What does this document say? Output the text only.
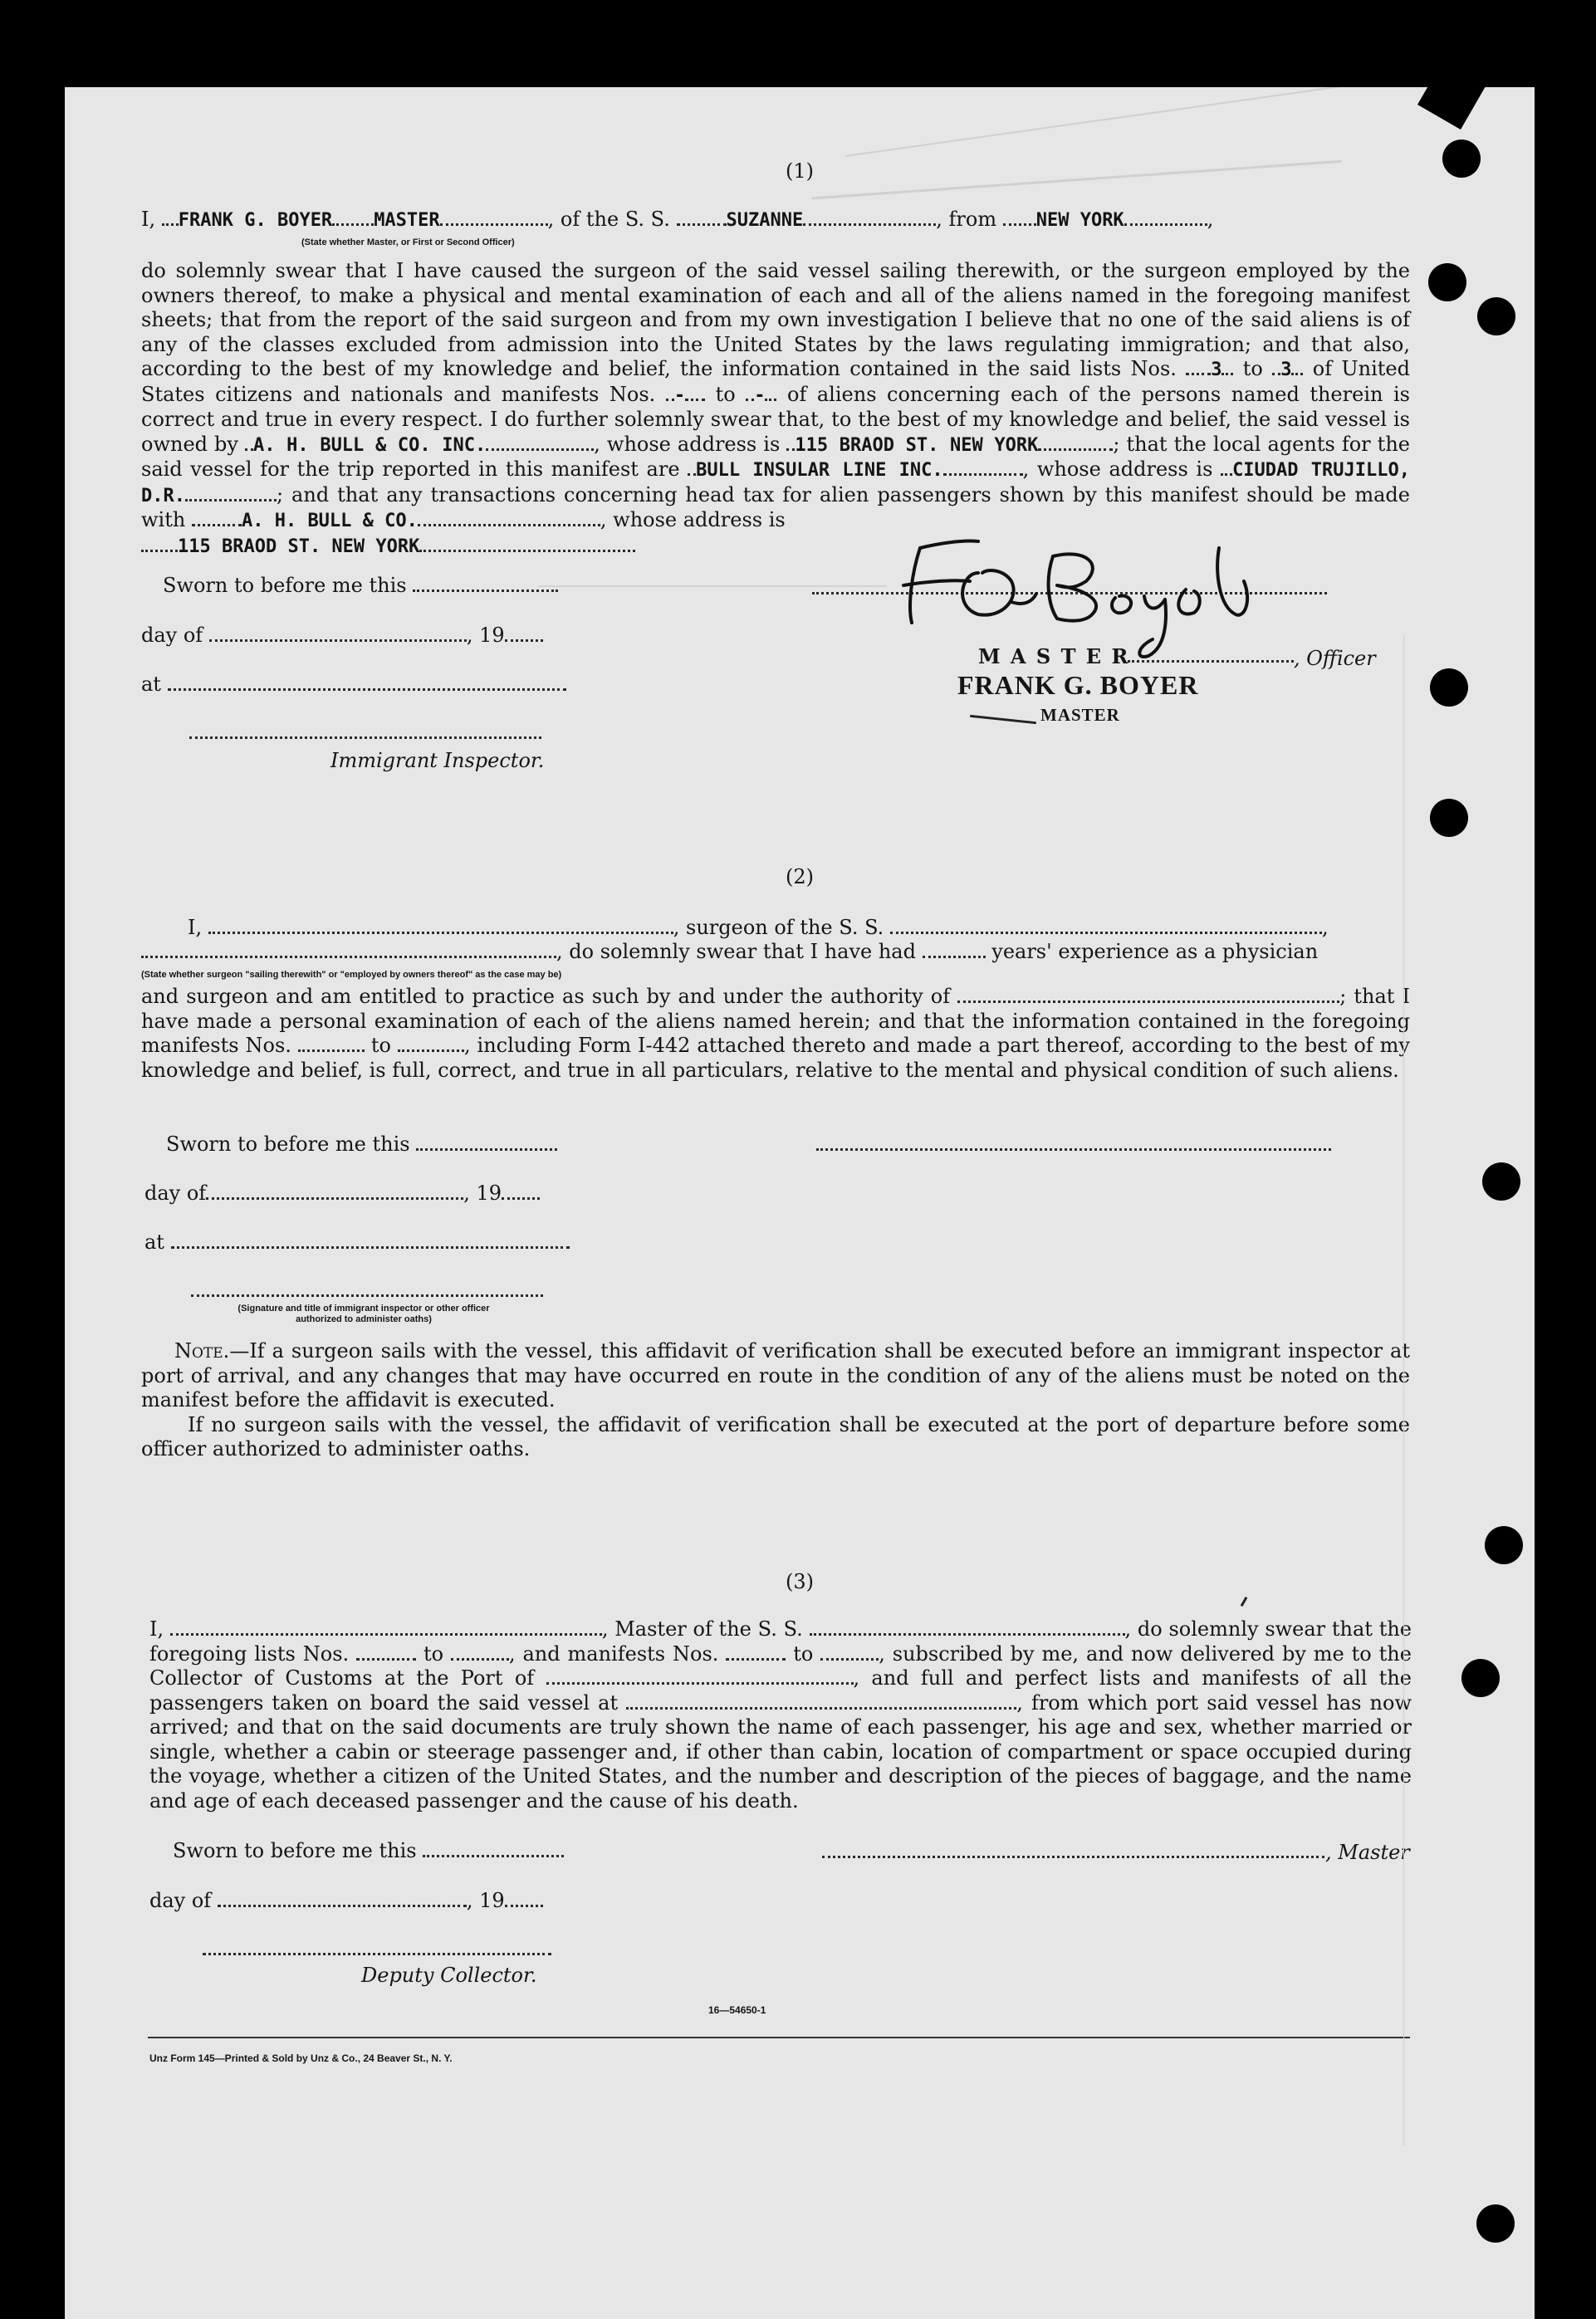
(1)
I, FRANK G. BOYER MASTER	, of the S. S.	SUZANNE	, from NEW YORK	,
(State whether Master, or First or Second Officer)
do solemnly swear that I have caused the surgeon of the said vessel sailing therewith, or the surgeon employed by the owners thereof, to make a physical and mental examination of each and all of the aliens named in the foregoing manifest sheets; that from the report of the said surgeon and from my own investigation I believe that no one of the said aliens is of any of the classes excluded from admission into the United States by the laws regulating immigration; and that also, according to the best of my knowledge and belief, the information contained in the said lists Nos. 3 to 3 of United States citizens and nationals and manifests Nos. - to - of aliens concerning each of the persons named therein is correct and true in every respect. I do further solemnly swear that, to the best of my knowledge and belief, the said vessel is owned by A. H. BULL & CO. INC.	, whose address is 115 BRAOD ST. NEW YORK	; that the local agents for the said vessel for the trip reported in this manifest are BULL INSULAR LINE INC.	, whose address is CIUDAD TRUJILLO, D.R.	; and that any transactions concerning head tax for alien passengers shown by this manifest should be made with	A. H. BULL & CO.	, whose address is
115 BRAOD ST. NEW YORK
Sworn to before me this
day of	, 19
at
Immigrant Inspector.
M A S T E R	, Officer
FRANK G. BOYER
MASTER
(2)
I,	, surgeon of the S. S.	,
, do solemnly swear that I have had	years' experience as a physician
(State whether surgeon "sailing therewith" or "employed by owners thereof" as the case may be)
and surgeon and am entitled to practice as such by and under the authority of	; that I have made a personal examination of each of the aliens named herein; and that the information contained in the foregoing manifests Nos.	to	, including Form I-442 attached thereto and made a part thereof, according to the best of my knowledge and belief, is full, correct, and true in all particulars, relative to the mental and physical condition of such aliens.
Sworn to before me this
day of	, 19
at
(Signature and title of immigrant inspector or other officer authorized to administer oaths)
Note.—If a surgeon sails with the vessel, this affidavit of verification shall be executed before an immigrant inspector at port of arrival, and any changes that may have occurred en route in the condition of any of the aliens must be noted on the manifest before the affidavit is executed.
If no surgeon sails with the vessel, the affidavit of verification shall be executed at the port of departure before some officer authorized to administer oaths.
(3)
I,	, Master of the S. S.	, do solemnly swear that the foregoing lists Nos.	to	, and manifests Nos.	to	, subscribed by me, and now delivered by me to the Collector of Customs at the Port of	, and full and perfect lists and manifests of all the passengers taken on board the said vessel at	, from which port said vessel has now arrived; and that on the said documents are truly shown the name of each passenger, his age and sex, whether married or single, whether a cabin or steerage passenger and, if other than cabin, location of compartment or space occupied during the voyage, whether a citizen of the United States, and the number and description of the pieces of baggage, and the name and age of each deceased passenger and the cause of his death.
Sworn to before me this	, Master
day of	, 19
Deputy Collector.
16—54650-1
Unz Form 145—Printed & Sold by Unz & Co., 24 Beaver St., N. Y.
